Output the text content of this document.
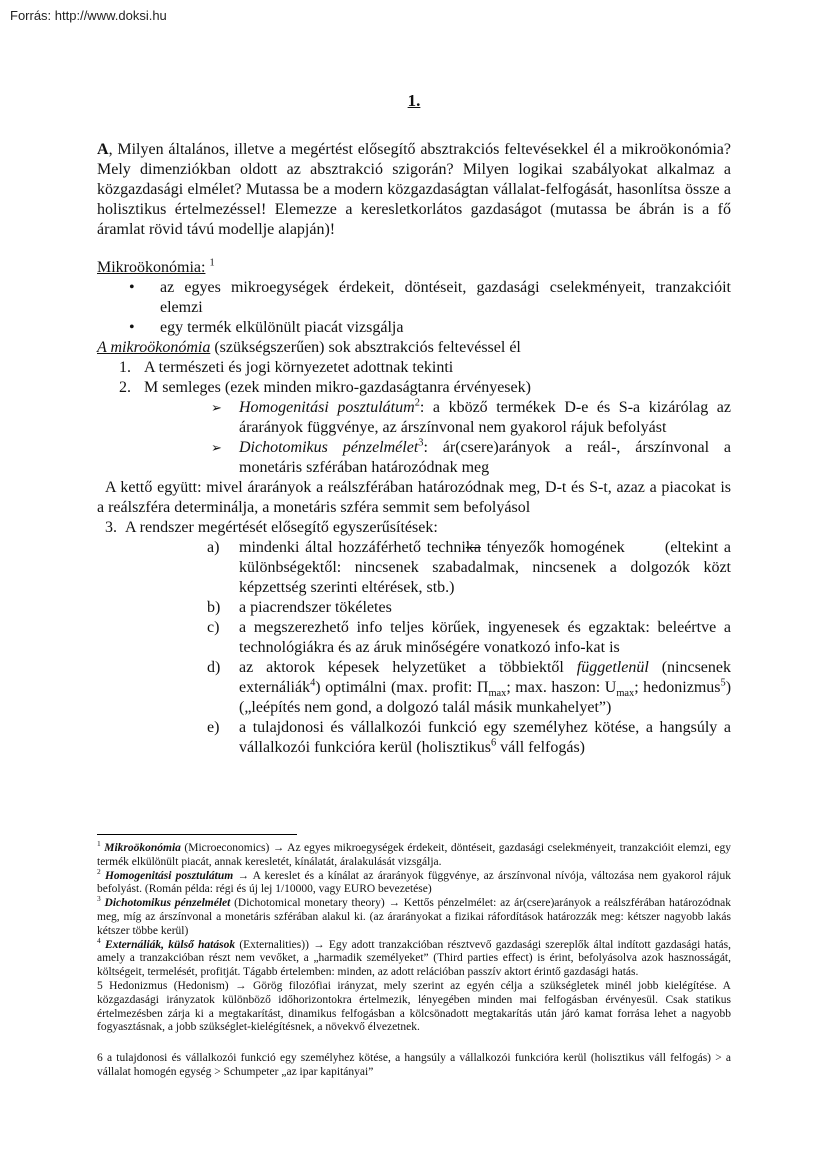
Forrás: http://www.doksi.hu
1.

A, Milyen általános, illetve a megértést elősegítő absztrakciós feltevésekkel él a mikroökonómia? Mely dimenziókban oldott az absztrakció szigorán? Milyen logikai szabályokat alkalmaz a közgazdasági elmélet? Mutassa be a modern közgazdaságtan vállalat-felfogását, hasonlítsa össze a holisztikus értelmezéssel! Elemezze a keresletkorlátos gazdaságot (mutassa be ábrán is a fő áramlat rövid távú modellje alapján)!

Mikroökonómia: $^1$
• az egyes mikroegységek érdekeit, döntéseit, gazdasági cselekményeit, tranzakcióit elemzi
• egy termék elkülönült piacát vizsgálja
A mikroökonómia (szükségszerűen) sok absztrakciós feltevéssel él
1. A természeti és jogi környezetet adottnak tekinti
2. M semleges (ezek minden mikro-gazdaságtanra érvényesek)
➢ Homogenitási posztulátum$^2$: a kböző termékek D-e és S-a kizárólag az árarányok függvénye, az árszínvonal nem gyakorol rájuk befolyást
➢ Dichotomikus pénzelmélet$^3$: ár(csere)arányok a reál-, árszínvonal a monetáris szférában határozódnak meg

A kettő együtt: mivel árarányok a reálszférában határozódnak meg, D-t és S-t, azaz a piacokat is a reálszféra determinálja, a monetáris szféra semmit sem befolyásol

3. A rendszer megértését elősegítő egyszerűsítések:
a) mindenki által hozzáférhető technika tényezők homogének       (eltekint a különbségektől: nincsenek szabadalmak, nincsenek a dolgozók közt képzettség szerinti eltérések, stb.)
b) a piacrendszer tökéletes
c) a megszerezhető info teljes körűek, ingyenesek és egzaktak: beleértve a technológiákra és az áruk minőségére vonatkozó info-kat is
d) az aktorok képesek helyzetüket a többiektől függetlenül (nincsenek externáliák$^4$) optimálni (max. profit: $\Pi_{max}$; max. haszon: $U_{max}$; hedonizmus$^5$) („leépítés nem gond, a dolgozó talál másik munkahelyet”)
e) a tulajdonosi és vállalkozói funkció egy személyhez kötése, a hangsúly a vállalkozói funkcióra kerül (holisztikus$^6$ váll felfogás)

$^1$ Mikroökonómia (Microeconomics) → Az egyes mikroegységek érdekeit, döntéseit, gazdasági cselekményeit, tranzakcióit elemzi, egy termék elkülönült piacát, annak keresletét, kínálatát, áralakulását vizsgálja.

$^2$ Homogenitási posztulátum → A kereslet és a kínálat az árarányok függvénye, az árszínvonal nívója, változása nem gyakorol rájuk befolyást. (Román példa: régi és új lej 1/10000, vagy EURO bevezetése)

$^3$ Dichotomikus pénzelmélet (Dichotomical monetary theory) → Kettős pénzelmélet: az ár(csere)arányok a reálszférában határozódnak meg, míg az árszínvonal a monetáris szférában alakul ki. (az árarányokat a fizikai ráfordítások határozzák meg: kétszer nagyobb lakás kétszer többe kerül)

$^4$ Externáliák, külső hatások (Externalities)) → Egy adott tranzakcióban résztvevő gazdasági szereplők által indított gazdasági hatás, amely a tranzakcióban részt nem vevőket, a „harmadik személyeket” (Third parties effect) is érint, befolyásolva azok hasznosságát, költségeit, termelését, profitját. Tágabb értelemben: minden, az adott relációban passzív aktort érintő gazdasági hatás.

5 Hedonizmus (Hedonism) → Görög filozófiai irányzat, mely szerint az egyén célja a szükségletek minél jobb kielégítése. A közgazdasági irányzatok különböző időhorizontokra értelmezik, lényegében minden mai felfogásban érvényesül. Csak statikus értelmezésben zárja ki a megtakarítást, dinamikus felfogásban a kölcsönadott megtakarítás után járó kamat forrása lehet a nagyobb fogyasztásnak, a jobb szükséglet-kielégítésnek, a növekvő élvezetnek.

6 a tulajdonosi és vállalkozói funkció egy személyhez kötése, a hangsúly a vállalkozói funkcióra kerül (holisztikus váll felfogás) > a vállalat homogén egység > Schumpeter „az ipar kapitányai”
